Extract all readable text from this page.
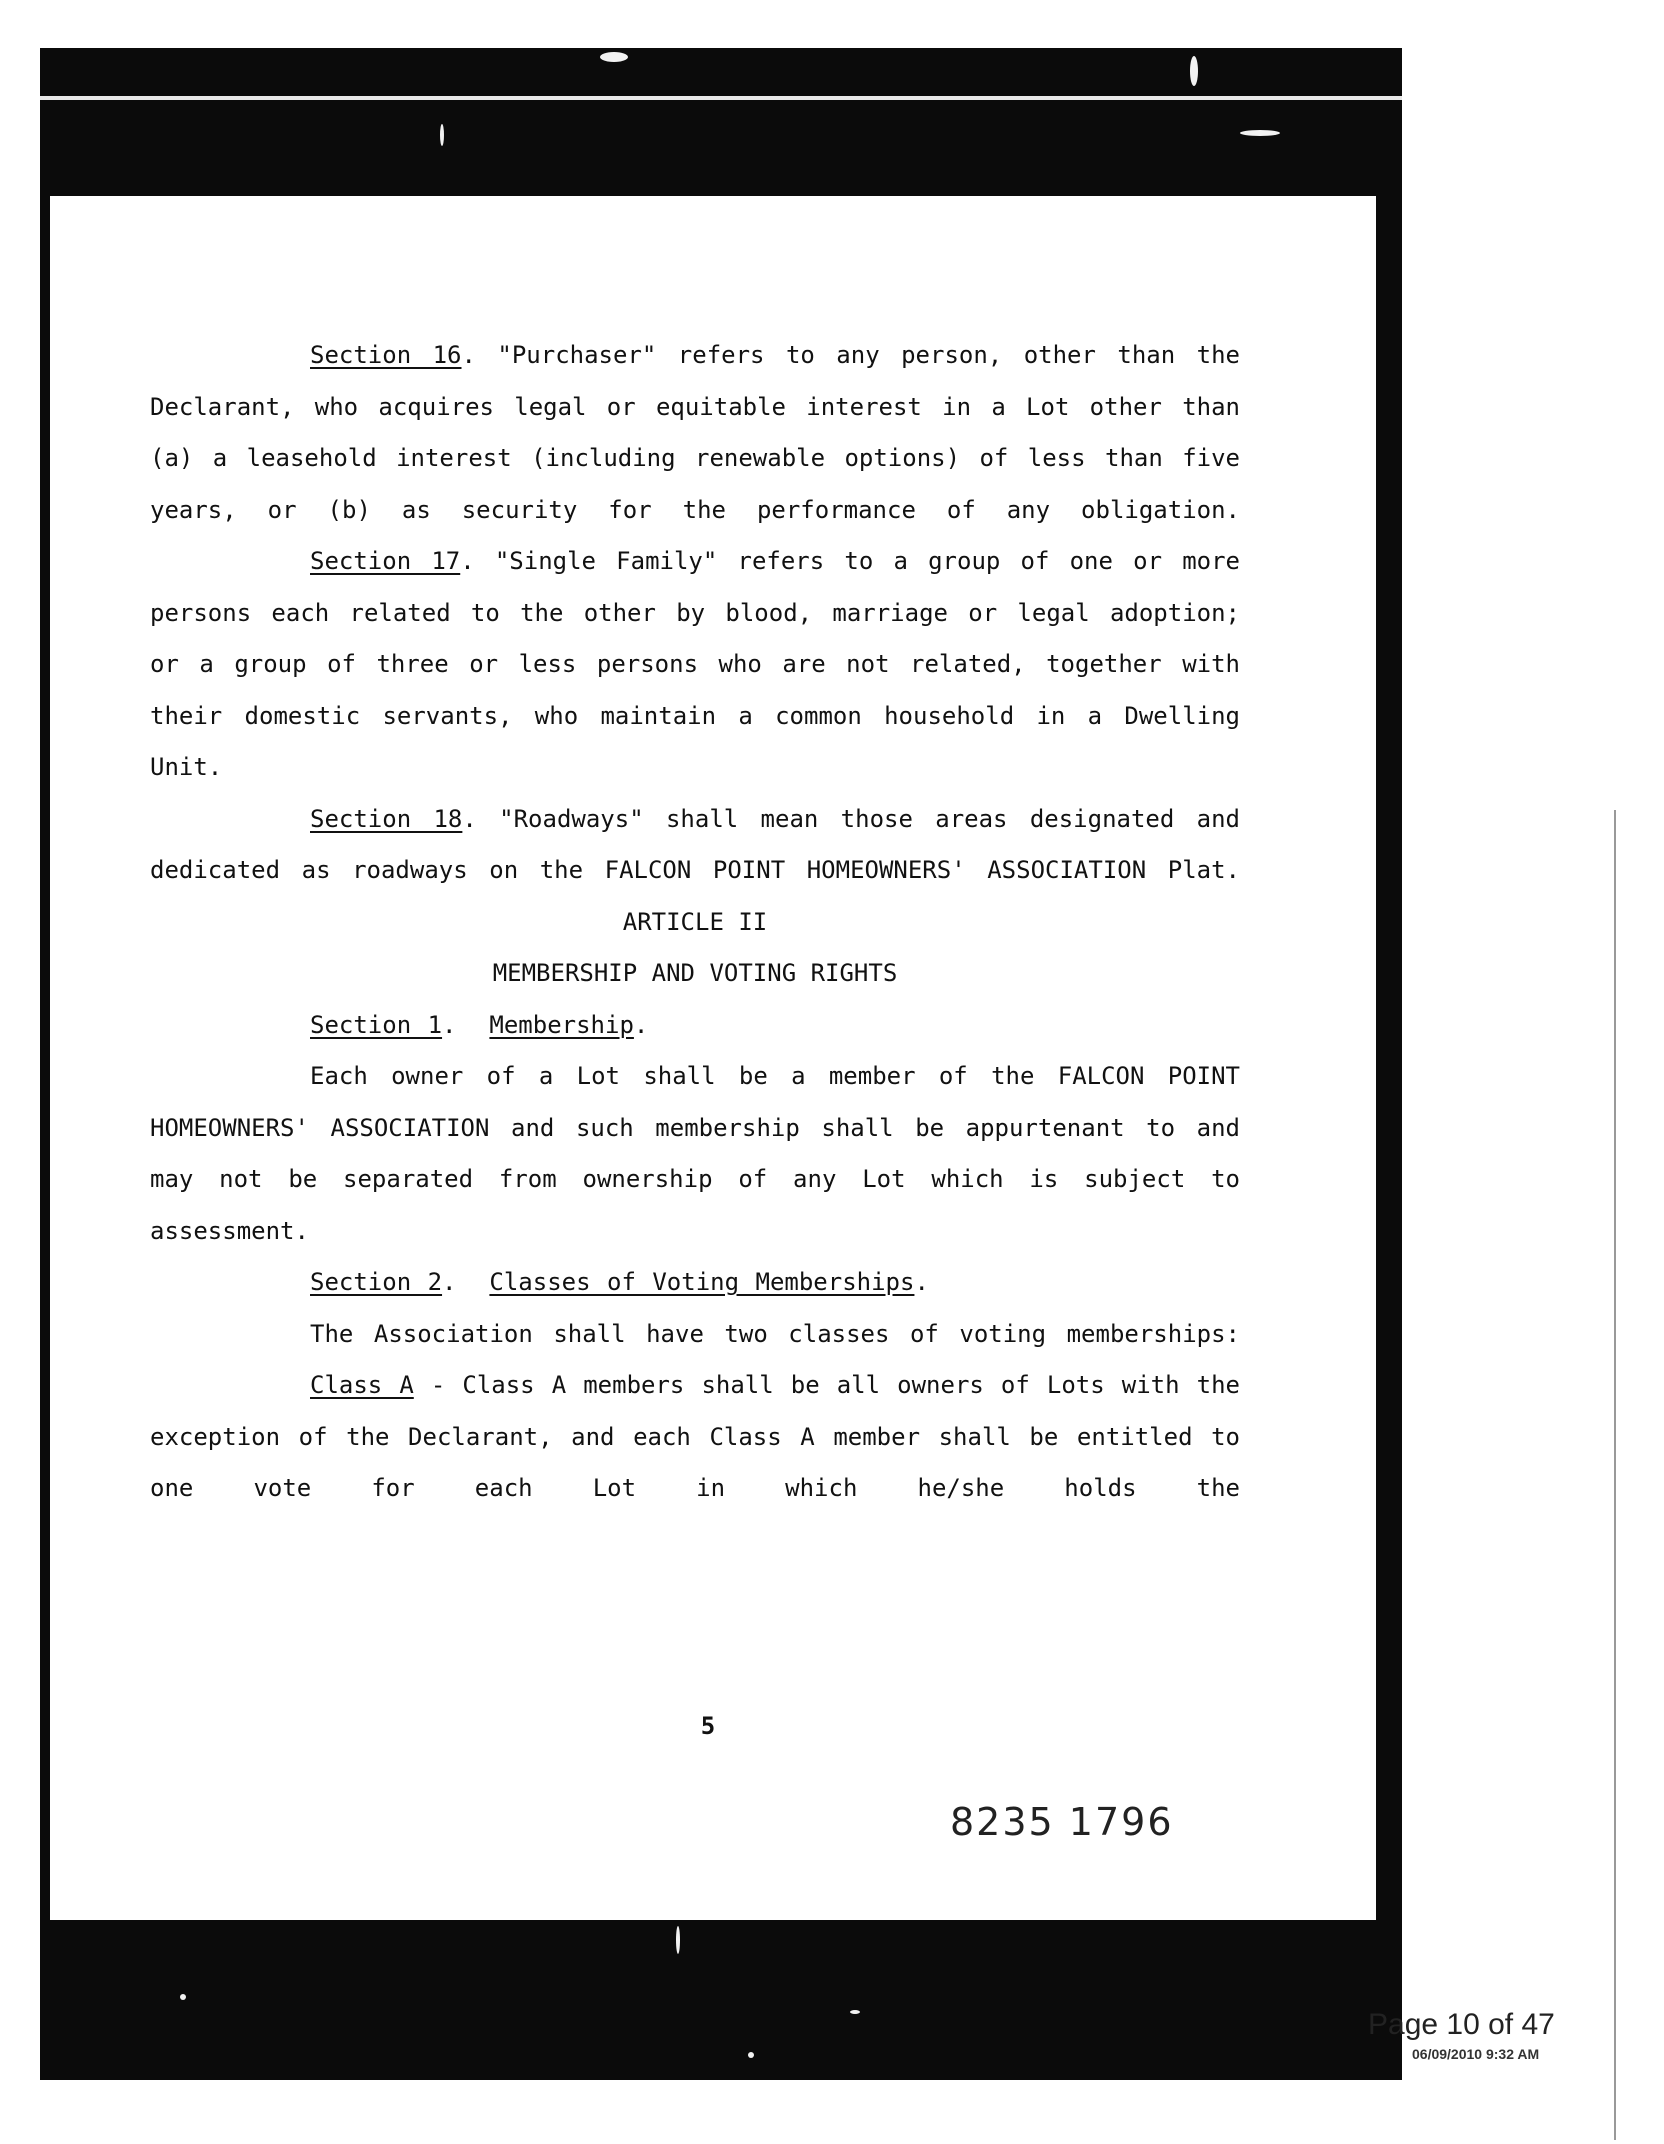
Section 16. "Purchaser" refers to any person, other than the Declarant, who acquires legal or equitable interest in a Lot other than (a) a leasehold interest (including renewable options) of less than five years, or (b) as security for the performance of any obligation.

Section 17. "Single Family" refers to a group of one or more persons each related to the other by blood, marriage or legal adoption; or a group of three or less persons who are not related, together with their domestic servants, who maintain a common household in a Dwelling Unit.

Section 18. "Roadways" shall mean those areas designated and dedicated as roadways on the FALCON POINT HOMEOWNERS' ASSOCIATION Plat.

ARTICLE II

MEMBERSHIP AND VOTING RIGHTS

Section 1.  Membership.

Each owner of a Lot shall be a member of the FALCON POINT HOMEOWNERS' ASSOCIATION and such membership shall be appurtenant to and may not be separated from ownership of any Lot which is subject to assessment.

Section 2.  Classes of Voting Memberships.

The Association shall have two classes of voting memberships:

Class A - Class A members shall be all owners of Lots with the exception of the Declarant, and each Class A member shall be entitled to one vote for each Lot in which he/she holds the

5
8235 1796
Page 10 of 47
06/09/2010 9:32 AM
